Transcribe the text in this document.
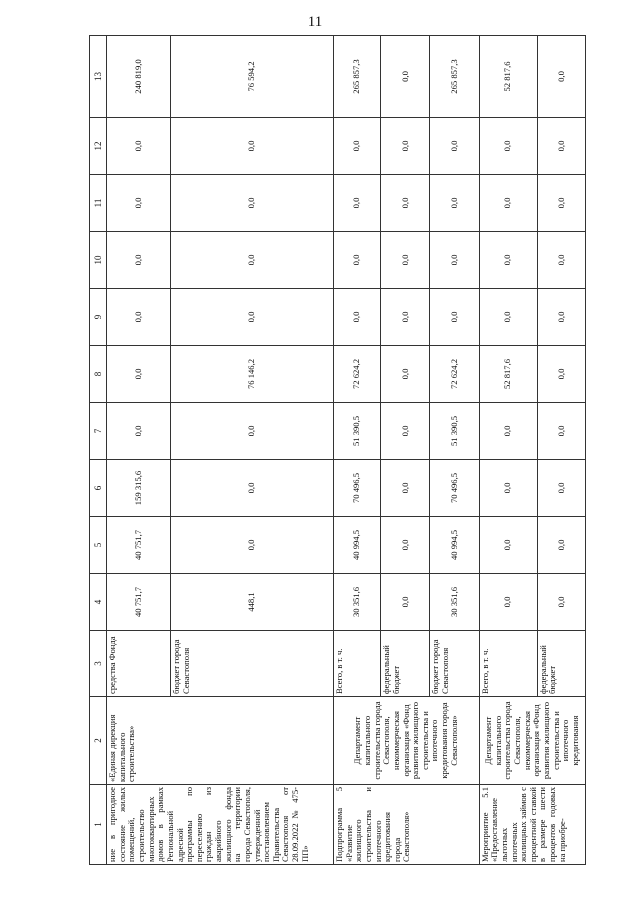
11
1	2	3	4	5	6	7	8	9	10	11	12	13
ние в пригодное состояние жилых помещений, строительство многоквартирных домов в рамках Региональной адресной программы по переселению граждан из аварийного жилищного фонда на территории города Севастополя, утвержденной постановлением Правительства Севастополя от 28.09.2022 № 475-ПП»	«Единая дирекция капитального строительства»	средства Фонда	40 751,7	40 751,7	159 315,6	0,0	0,0	0,0	0,0	0,0	0,0	240 819,0
		бюджет города Севастополя	448,1	0,0	0,0	0,0	76 146,2	0,0	0,0	0,0	0,0	76 594,2
Подпрограмма 5 «Развитие жилищного строительства и ипотечного кредитования города Севастополя»	Департамент капитального строительства города Севастополя, некоммерческая организация «Фонд развития жилищного строительства и ипотечного кредитования города Севастополя»	Всего, в т. ч.	30 351,6	40 994,5	70 496,5	51 390,5	72 624,2	0,0	0,0	0,0	0,0	265 857,3
		федеральный бюджет	0,0	0,0	0,0	0,0	0,0	0,0	0,0	0,0	0,0	0,0
		бюджет города Севастополя	30 351,6	40 994,5	70 496,5	51 390,5	72 624,2	0,0	0,0	0,0	0,0	265 857,3
Мероприятие 5.1 «Предоставление льготных ипотечных жилищных займов с процентной ставкой в размере шести процентов годовых на приобре-	Департамент капитального строительства города Севастополя, некоммерческая организация «Фонд развития жилищного строительства и ипотечного кредитования	Всего, в т. ч.	0,0	0,0	0,0	0,0	52 817,6	0,0	0,0	0,0	0,0	52 817,6
		федеральный бюджет	0,0	0,0	0,0	0,0	0,0	0,0	0,0	0,0	0,0	0,0
